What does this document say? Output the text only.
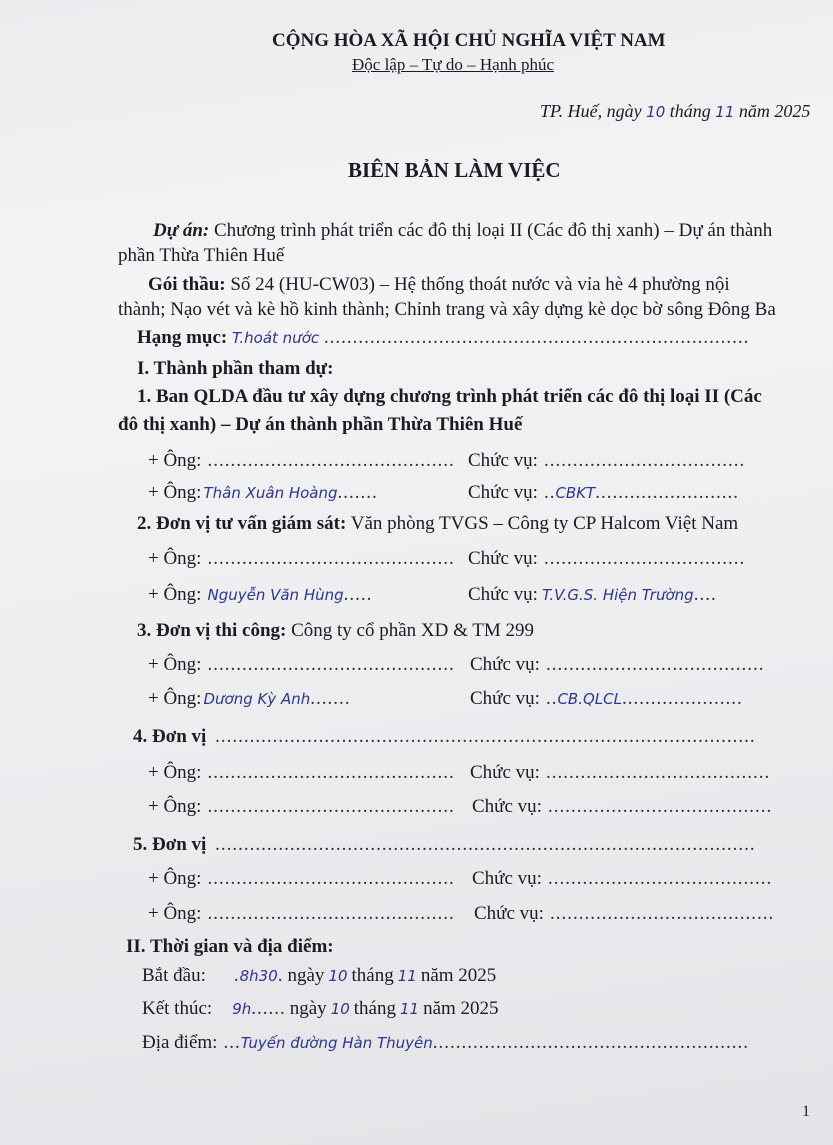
CỘNG HÒA XÃ HỘI CHỦ NGHĨA VIỆT NAM
Độc lập – Tự do – Hạnh phúc
TP. Huế, ngày 10 tháng 11 năm 2025
BIÊN BẢN LÀM VIỆC
Dự án: Chương trình phát triển các đô thị loại II (Các đô thị xanh) – Dự án thành
phần Thừa Thiên Huế
Gói thầu: Số 24 (HU-CW03) – Hệ thống thoát nước và vỉa hè 4 phường nội
thành; Nạo vét và kè hồ kinh thành; Chỉnh trang và xây dựng kè dọc bờ sông Đông Ba
Hạng mục: T.hoát nước ..........................................................................
I. Thành phần tham dự:
1. Ban QLDA đầu tư xây dựng chương trình phát triển các đô thị loại II (Các
đô thị xanh) – Dự án thành phần Thừa Thiên Huế
+ Ông: ........................................... Chức vụ: ...................................
+ Ông: Thân Xuân Hoàng .......	Chức vụ: .. CBKT .........................
2. Đơn vị tư vấn giám sát: Văn phòng TVGS – Công ty CP Halcom Việt Nam
+ Ông: ........................................... Chức vụ: ...................................
+ Ông: Nguyễn Văn Hùng .....	Chức vụ: T.V.G.S. Hiện Trường ....
3. Đơn vị thi công: Công ty cổ phần XD & TM 299
+ Ông: ........................................... Chức vụ: ......................................
+ Ông: Dương Kỳ Anh .......	Chức vụ: .. CB.QLCL .....................
4. Đơn vị ..............................................................................................
+ Ông: ........................................... Chức vụ: .......................................
+ Ông: ........................................... Chức vụ: .......................................
5. Đơn vị ..............................................................................................
+ Ông: ........................................... Chức vụ: .......................................
+ Ông: ........................................... Chức vụ: .......................................
II. Thời gian và địa điểm:
Bắt đầu: . 8h30 . ngày 10 tháng 11 năm 2025
Kết thúc: 9h ...... ngày 10 tháng 11 năm 2025
Địa điểm: ... Tuyến đường Hàn Thuyên .......................................................
1
